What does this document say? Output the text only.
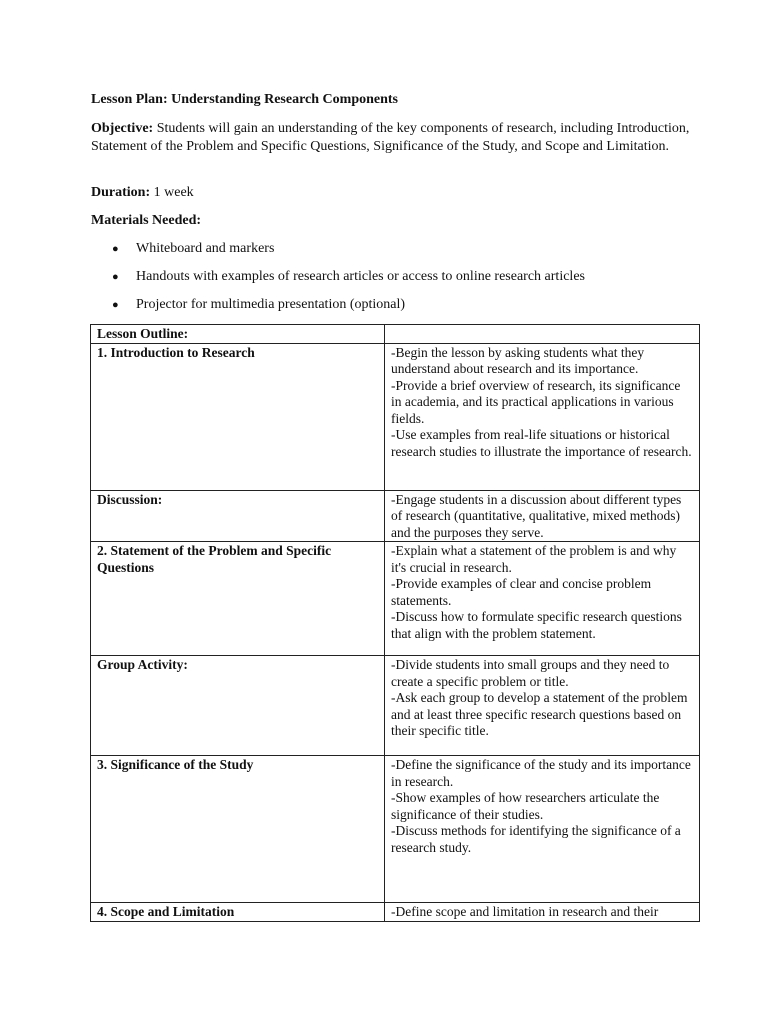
Lesson Plan: Understanding Research Components

Objective: Students will gain an understanding of the key components of research, including Introduction, Statement of the Problem and Specific Questions, Significance of the Study, and Scope and Limitation.

Duration: 1 week

Materials Needed:

● Whiteboard and markers
● Handouts with examples of research articles or access to online research articles
● Projector for multimedia presentation (optional)
Lesson Outline:	
1. Introduction to Research	-Begin the lesson by asking students what they understand about research and its importance.
-Provide a brief overview of research, its significance in academia, and its practical applications in various fields.
-Use examples from real-life situations or historical research studies to illustrate the importance of research.

Discussion:	-Engage students in a discussion about different types of research (quantitative, qualitative, mixed methods) and the purposes they serve.

2. Statement of the Problem and Specific Questions	-Explain what a statement of the problem is and why it's crucial in research.
-Provide examples of clear and concise problem statements.
-Discuss how to formulate specific research questions that align with the problem statement.

Group Activity:	-Divide students into small groups and they need to create a specific problem or title.
-Ask each group to develop a statement of the problem and at least three specific research questions based on their specific title.

3. Significance of the Study	-Define the significance of the study and its importance in research.
-Show examples of how researchers articulate the significance of their studies.
-Discuss methods for identifying the significance of a research study.

4. Scope and Limitation	-Define scope and limitation in research and their
